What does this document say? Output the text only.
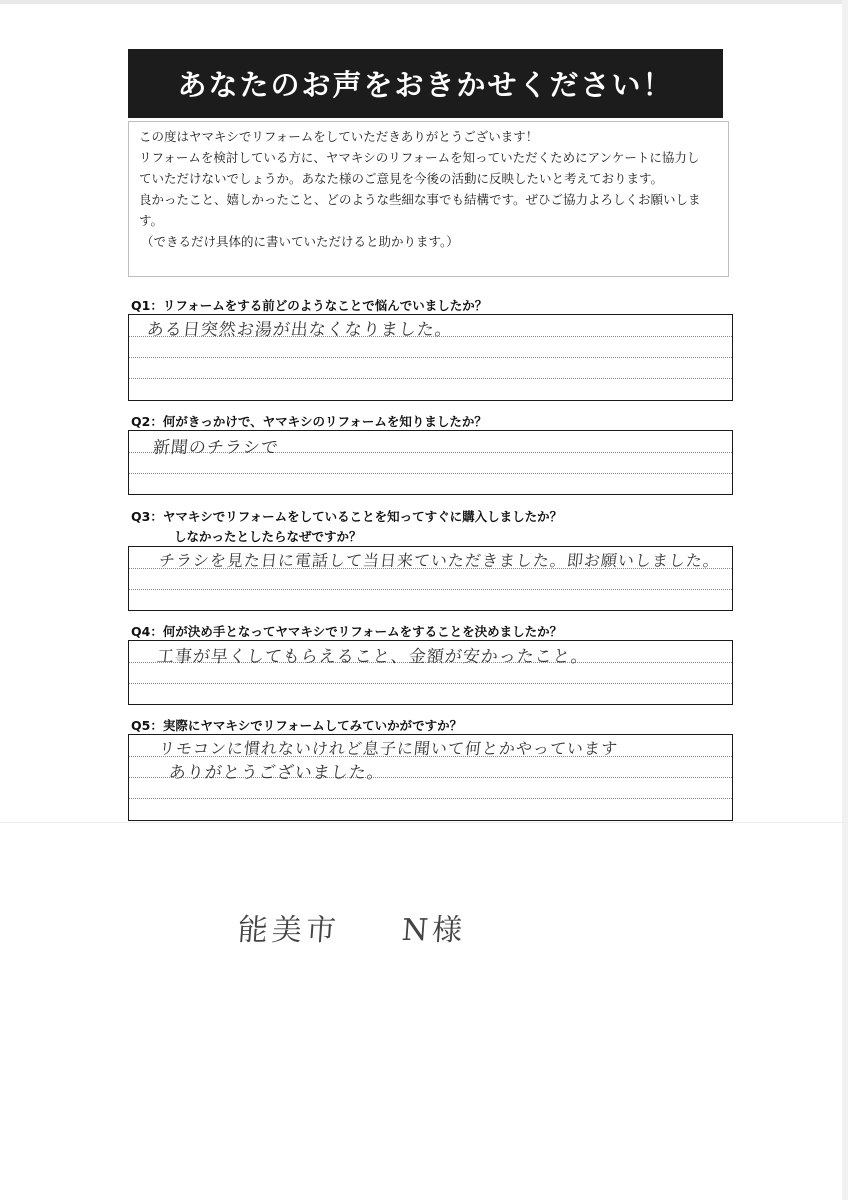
あなたのお声をおきかせください！

この度はヤマキシでリフォームをしていただきありがとうございます！

リフォームを検討している方に、ヤマキシのリフォームを知っていただくためにアンケートに協力し

ていただけないでしょうか。あなた様のご意見を今後の活動に反映したいと考えております。

良かったこと、嬉しかったこと、どのような些細な事でも結構です。ぜひご協力よろしくお願いしま

す。

（できるだけ具体的に書いていただけると助かります。）

Q1：リフォームをする前どのようなことで悩んでいましたか？
ある日突然お湯が出なくなりました。
Q2：何がきっかけで、ヤマキシのリフォームを知りましたか？
新聞のチラシで
Q3：ヤマキシでリフォームをしていることを知ってすぐに購入しましたか？
しなかったとしたらなぜですか？
チラシを見た日に電話して当日来ていただきました。即お願いしました。
Q4：何が決め手となってヤマキシでリフォームをすることを決めましたか？
工事が早くしてもらえること、金額が安かったこと。
Q5：実際にヤマキシでリフォームしてみていかがですか？
リモコンに慣れないけれど息子に聞いて何とかやっています
ありがとうございました。
能美市 N様
